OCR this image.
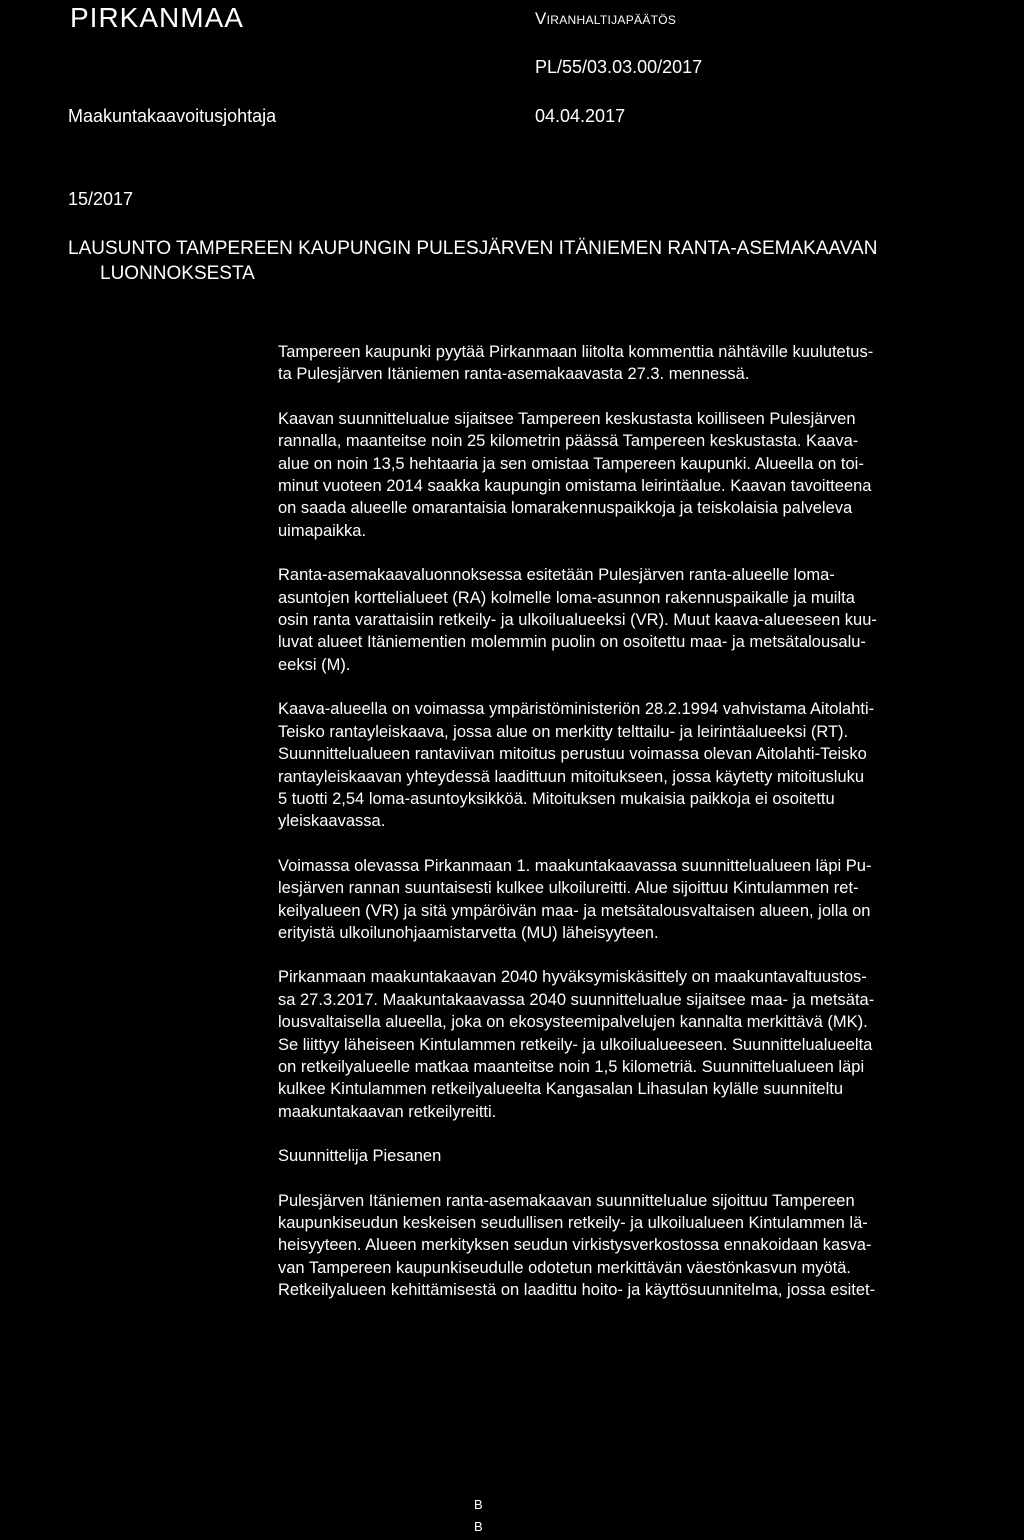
PIRKANMAA	Viranhaltijapäätös
PL/55/03.03.00/2017
Maakuntakaavoitusjohtaja	04.04.2017
15/2017
LAUSUNTO TAMPEREEN KAUPUNGIN PULESJÄRVEN ITÄNIEMEN RANTA-ASEMAKAAVAN
LUONNOKSESTA

Tampereen kaupunki pyytää Pirkanmaan liitolta kommenttia nähtäville kuulutetus-
ta Pulesjärven Itäniemen ranta-asemakaavasta 27.3. mennessä.

Kaavan suunnittelualue sijaitsee Tampereen keskustasta koilliseen Pulesjärven
rannalla, maanteitse noin 25 kilometrin päässä Tampereen keskustasta. Kaava-
alue on noin 13,5 hehtaaria ja sen omistaa Tampereen kaupunki. Alueella on toi-
minut vuoteen 2014 saakka kaupungin omistama leirintäalue. Kaavan tavoitteena
on saada alueelle omarantaisia lomarakennuspaikkoja ja teiskolaisia palveleva
uimapaikka.

Ranta-asemakaavaluonnoksessa esitetään Pulesjärven ranta-alueelle loma-
asuntojen korttelialueet (RA) kolmelle loma-asunnon rakennuspaikalle ja muilta
osin ranta varattaisiin retkeily- ja ulkoilualueeksi (VR). Muut kaava-alueeseen kuu-
luvat alueet Itäniementien molemmin puolin on osoitettu maa- ja metsätalousalu-
eeksi (M).

Kaava-alueella on voimassa ympäristöministeriön 28.2.1994 vahvistama Aitolahti-
Teisko rantayleiskaava, jossa alue on merkitty telttailu- ja leirintäalueeksi (RT).
Suunnittelualueen rantaviivan mitoitus perustuu voimassa olevan Aitolahti-Teisko
rantayleiskaavan yhteydessä laadittuun mitoitukseen, jossa käytetty mitoitusluku
5 tuotti 2,54 loma-asuntoyksikköä. Mitoituksen mukaisia paikkoja ei osoitettu
yleiskaavassa.

Voimassa olevassa Pirkanmaan 1. maakuntakaavassa suunnittelualueen läpi Pu-
lesjärven rannan suuntaisesti kulkee ulkoilureitti. Alue sijoittuu Kintulammen ret-
keilyalueen (VR) ja sitä ympäröivän maa- ja metsätalousvaltaisen alueen, jolla on
erityistä ulkoilunohjaamistarvetta (MU) läheisyyteen.

Pirkanmaan maakuntakaavan 2040 hyväksymiskäsittely on maakuntavaltuustos-
sa 27.3.2017. Maakuntakaavassa 2040 suunnittelualue sijaitsee maa- ja metsäta-
lousvaltaisella alueella, joka on ekosysteemipalvelujen kannalta merkittävä (MK).
Se liittyy läheiseen Kintulammen retkeily- ja ulkoilualueeseen. Suunnittelualueelta
on retkeilyalueelle matkaa maanteitse noin 1,5 kilometriä. Suunnittelualueen läpi
kulkee Kintulammen retkeilyalueelta Kangasalan Lihasulan kylälle suunniteltu
maakuntakaavan retkeilyreitti.

Suunnittelija Piesanen

Pulesjärven Itäniemen ranta-asemakaavan suunnittelualue sijoittuu Tampereen
kaupunkiseudun keskeisen seudullisen retkeily- ja ulkoilualueen Kintulammen lä-
heisyyteen. Alueen merkityksen seudun virkistysverkostossa ennakoidaan kasva-
van Tampereen kaupunkiseudulle odotetun merkittävän väestönkasvun myötä.
Retkeilyalueen kehittämisestä on laadittu hoito- ja käyttösuunnitelma, jossa esitet-

B
B
